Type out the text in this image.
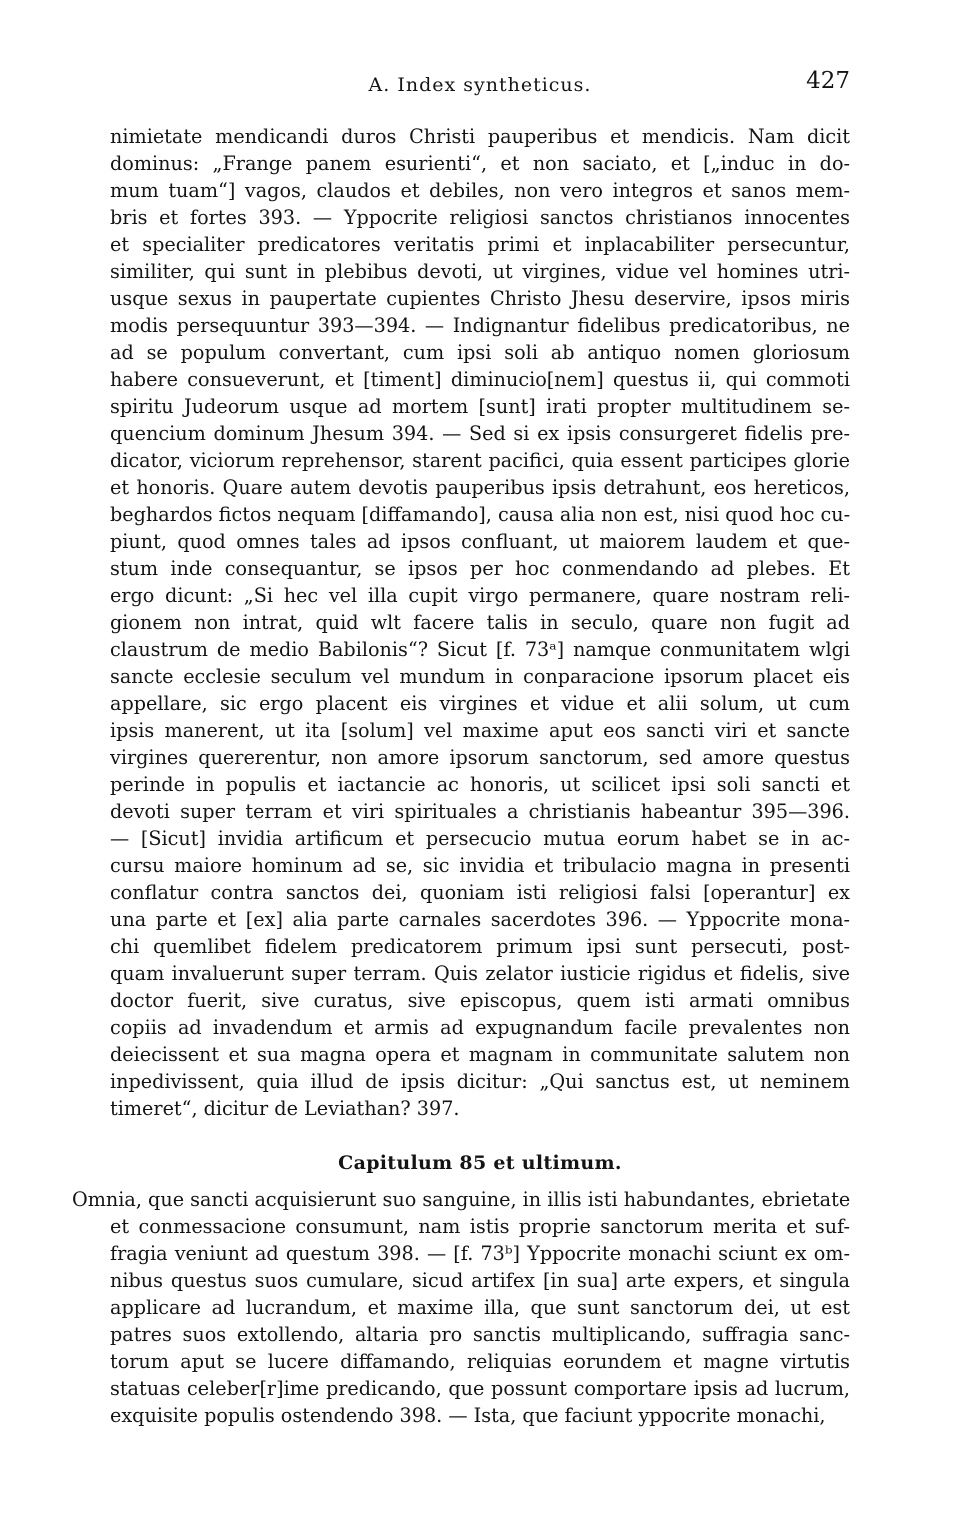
A. Index syntheticus.	427
nimietate mendicandi duros Christi pauperibus et mendicis. Nam dicit
dominus: „Frange panem esurienti“, et non saciato, et [„induc in do-
mum tuam“] vagos, claudos et debiles, non vero integros et sanos mem-
bris et fortes 393. — Yppocrite religiosi sanctos christianos innocentes
et specialiter predicatores veritatis primi et inplacabiliter persecuntur,
similiter, qui sunt in plebibus devoti, ut virgines, vidue vel homines utri-
usque sexus in paupertate cupientes Christo Jhesu deservire, ipsos miris
modis persequuntur 393—394. — Indignantur fidelibus predicatoribus, ne
ad se populum convertant, cum ipsi soli ab antiquo nomen gloriosum
habere consueverunt, et [timent] diminucio[nem] questus ii, qui commoti
spiritu Judeorum usque ad mortem [sunt] irati propter multitudinem se-
quencium dominum Jhesum 394. — Sed si ex ipsis consurgeret fidelis pre-
dicator, viciorum reprehensor, starent pacifici, quia essent participes glorie
et honoris. Quare autem devotis pauperibus ipsis detrahunt, eos hereticos,
beghardos fictos nequam [diffamando], causa alia non est, nisi quod hoc cu-
piunt, quod omnes tales ad ipsos confluant, ut maiorem laudem et que-
stum inde consequantur, se ipsos per hoc conmendando ad plebes. Et
ergo dicunt: „Si hec vel illa cupit virgo permanere, quare nostram reli-
gionem non intrat, quid wlt facere talis in seculo, quare non fugit ad
claustrum de medio Babilonis“? Sicut [f. 73ᵃ] namque conmunitatem wlgi
sancte ecclesie seculum vel mundum in conparacione ipsorum placet eis
appellare, sic ergo placent eis virgines et vidue et alii solum, ut cum
ipsis manerent, ut ita [solum] vel maxime aput eos sancti viri et sancte
virgines quererentur, non amore ipsorum sanctorum, sed amore questus
perinde in populis et iactancie ac honoris, ut scilicet ipsi soli sancti et
devoti super terram et viri spirituales a christianis habeantur 395—396.
— [Sicut] invidia artificum et persecucio mutua eorum habet se in ac-
cursu maiore hominum ad se, sic invidia et tribulacio magna in presenti
conflatur contra sanctos dei, quoniam isti religiosi falsi [operantur] ex
una parte et [ex] alia parte carnales sacerdotes 396. — Yppocrite mona-
chi quemlibet fidelem predicatorem primum ipsi sunt persecuti, post-
quam invaluerunt super terram. Quis zelator iusticie rigidus et fidelis, sive
doctor fuerit, sive curatus, sive episcopus, quem isti armati omnibus
copiis ad invadendum et armis ad expugnandum facile prevalentes non
deiecissent et sua magna opera et magnam in communitate salutem non
inpedivissent, quia illud de ipsis dicitur: „Qui sanctus est, ut neminem
timeret“, dicitur de Leviathan? 397.
Capitulum 85 et ultimum.
Omnia, que sancti acquisierunt suo sanguine, in illis isti habundantes, ebrietate
et conmessacione consumunt, nam istis proprie sanctorum merita et suf-
fragia veniunt ad questum 398. — [f. 73ᵇ] Yppocrite monachi sciunt ex om-
nibus questus suos cumulare, sicud artifex [in sua] arte expers, et singula
applicare ad lucrandum, et maxime illa, que sunt sanctorum dei, ut est
patres suos extollendo, altaria pro sanctis multiplicando, suffragia sanc-
torum aput se lucere diffamando, reliquias eorundem et magne virtutis
statuas celeber[r]ime predicando, que possunt comportare ipsis ad lucrum,
exquisite populis ostendendo 398. — Ista, que faciunt yppocrite monachi,
